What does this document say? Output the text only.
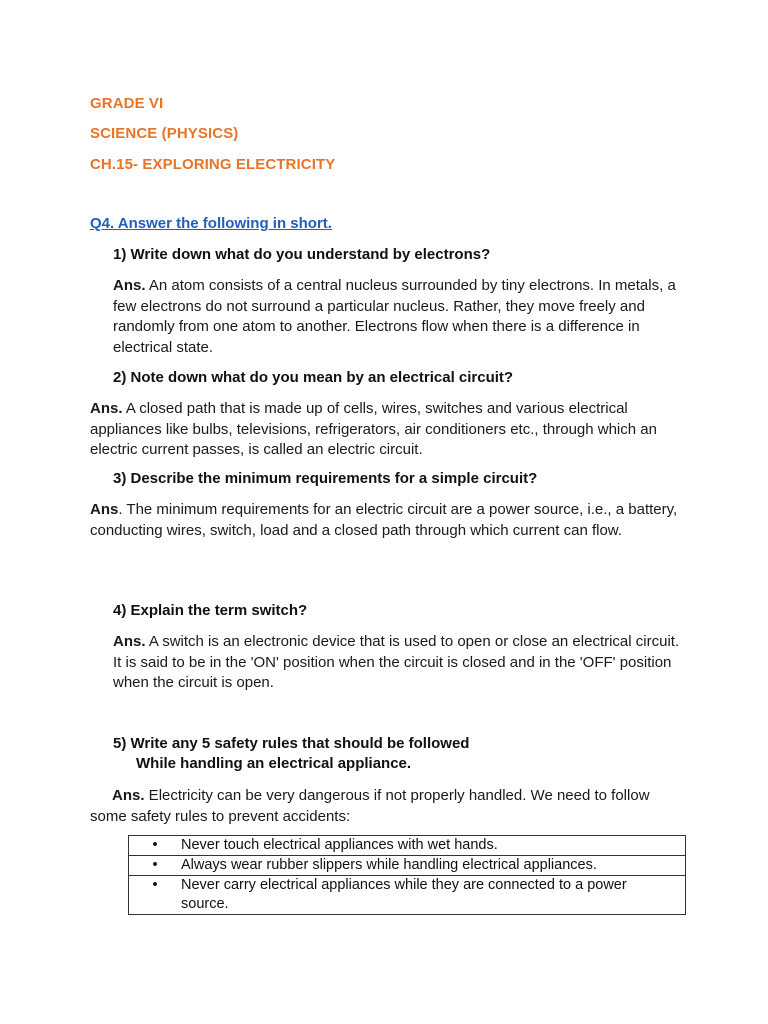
GRADE VI
SCIENCE (PHYSICS)
CH.15- EXPLORING ELECTRICITY
Q4. Answer the following in short.
1) Write down what do you understand by electrons?
Ans. An atom consists of a central nucleus surrounded by tiny electrons. In metals, a few electrons do not surround a particular nucleus. Rather, they move freely and randomly from one atom to another. Electrons flow when there is a difference in electrical state.
2) Note down what do you mean by an electrical circuit?
Ans. A closed path that is made up of cells, wires, switches and various electrical appliances like bulbs, televisions, refrigerators, air conditioners etc., through which an electric current passes, is called an electric circuit.
3) Describe the minimum requirements for a simple circuit?
Ans. The minimum requirements for an electric circuit are a power source, i.e., a battery, conducting wires, switch, load and a closed path through which current can flow.
4) Explain the term switch?
Ans. A switch is an electronic device that is used to open or close an electrical circuit. It is said to be in the 'ON' position when the circuit is closed and in the 'OFF' position when the circuit is open.
5) Write any 5 safety rules that should be followed
While handling an electrical appliance.
Ans. Electricity can be very dangerous if not properly handled. We need to follow some safety rules to prevent accidents:
• Never touch electrical appliances with wet hands.
• Always wear rubber slippers while handling electrical appliances.
• Never carry electrical appliances while they are connected to a power source.
